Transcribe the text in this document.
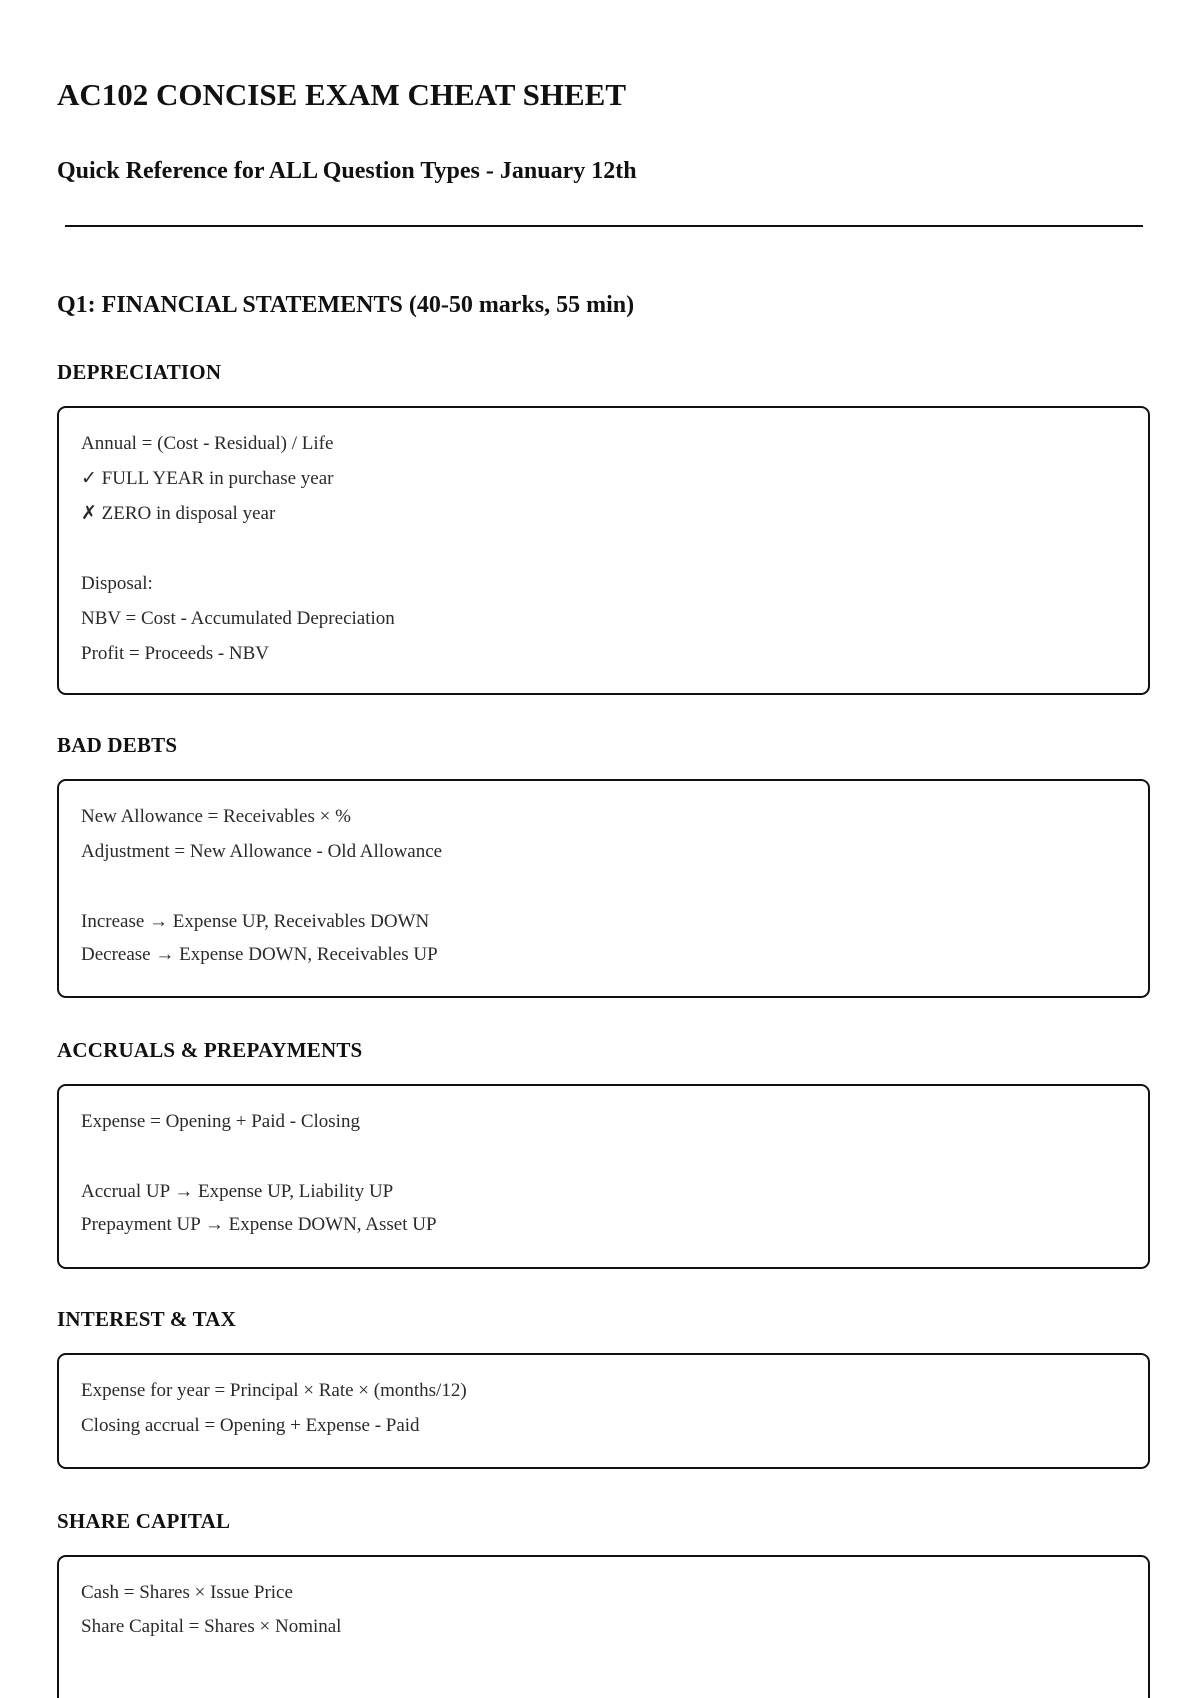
AC102 CONCISE EXAM CHEAT SHEET
Quick Reference for ALL Question Types - January 12th
Q1: FINANCIAL STATEMENTS (40-50 marks, 55 min)
DEPRECIATION

Annual = (Cost - Residual) / Life

✓ FULL YEAR in purchase year

✗ ZERO in disposal year

Disposal:

NBV = Cost - Accumulated Depreciation

Profit = Proceeds - NBV

BAD DEBTS

New Allowance = Receivables × %

Adjustment = New Allowance - Old Allowance

Increase → Expense UP, Receivables DOWN

Decrease → Expense DOWN, Receivables UP

ACCRUALS & PREPAYMENTS

Expense = Opening + Paid - Closing

Accrual UP → Expense UP, Liability UP

Prepayment UP → Expense DOWN, Asset UP

INTEREST & TAX

Expense for year = Principal × Rate × (months/12)

Closing accrual = Opening + Expense - Paid

SHARE CAPITAL

Cash = Shares × Issue Price

Share Capital = Shares × Nominal
